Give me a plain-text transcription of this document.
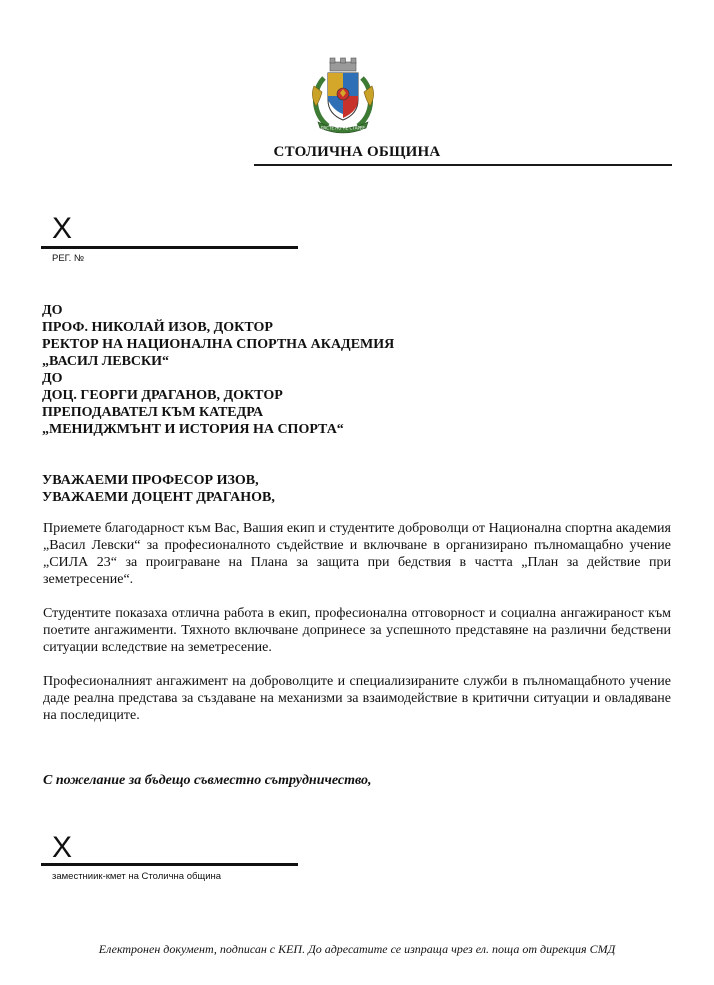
РАСТЕ НО НЕ СТАРЕЕ
СТОЛИЧНА ОБЩИНА
X
РЕГ. №
ДО
ПРОФ. НИКОЛАЙ ИЗОВ, ДОКТОР
РЕКТОР НА НАЦИОНАЛНА СПОРТНА АКАДЕМИЯ
„ВАСИЛ ЛЕВСКИ“
ДО
ДОЦ. ГЕОРГИ ДРАГАНОВ, ДОКТОР
ПРЕПОДАВАТЕЛ КЪМ КАТЕДРА
„МЕНИДЖМЪНТ И ИСТОРИЯ НА СПОРТА“
УВАЖАЕМИ ПРОФЕСОР ИЗОВ,
УВАЖАЕМИ ДОЦЕНТ ДРАГАНОВ,
Приемете благодарност към Вас, Вашия екип и студентите доброволци от Национална спортна академия „Васил Левски“ за професионалното съдействие и включване в организирано пълномащабно учение „СИЛА 23“ за проиграване на Плана за защита при бедствия в частта „План за действие при земетресение“.
Студентите показаха отлична работа в екип, професионална отговорност и социална ангажираност към поетите ангажименти. Тяхното включване допринесе за успешното представяне на различни бедствени ситуации вследствие на земетресение.
Професионалният ангажимент на доброволците и специализираните служби в пълномащабното учение даде реална представа за създаване на механизми за взаимодействие в критични ситуации и овладяване на последиците.
С пожелание за бъдещо съвместно сътрудничество,
X
заместниик-кмет на Столична община
Електронен документ, подписан с КЕП. До адресатите се изпраща чрез ел. поща от дирекция СМД
